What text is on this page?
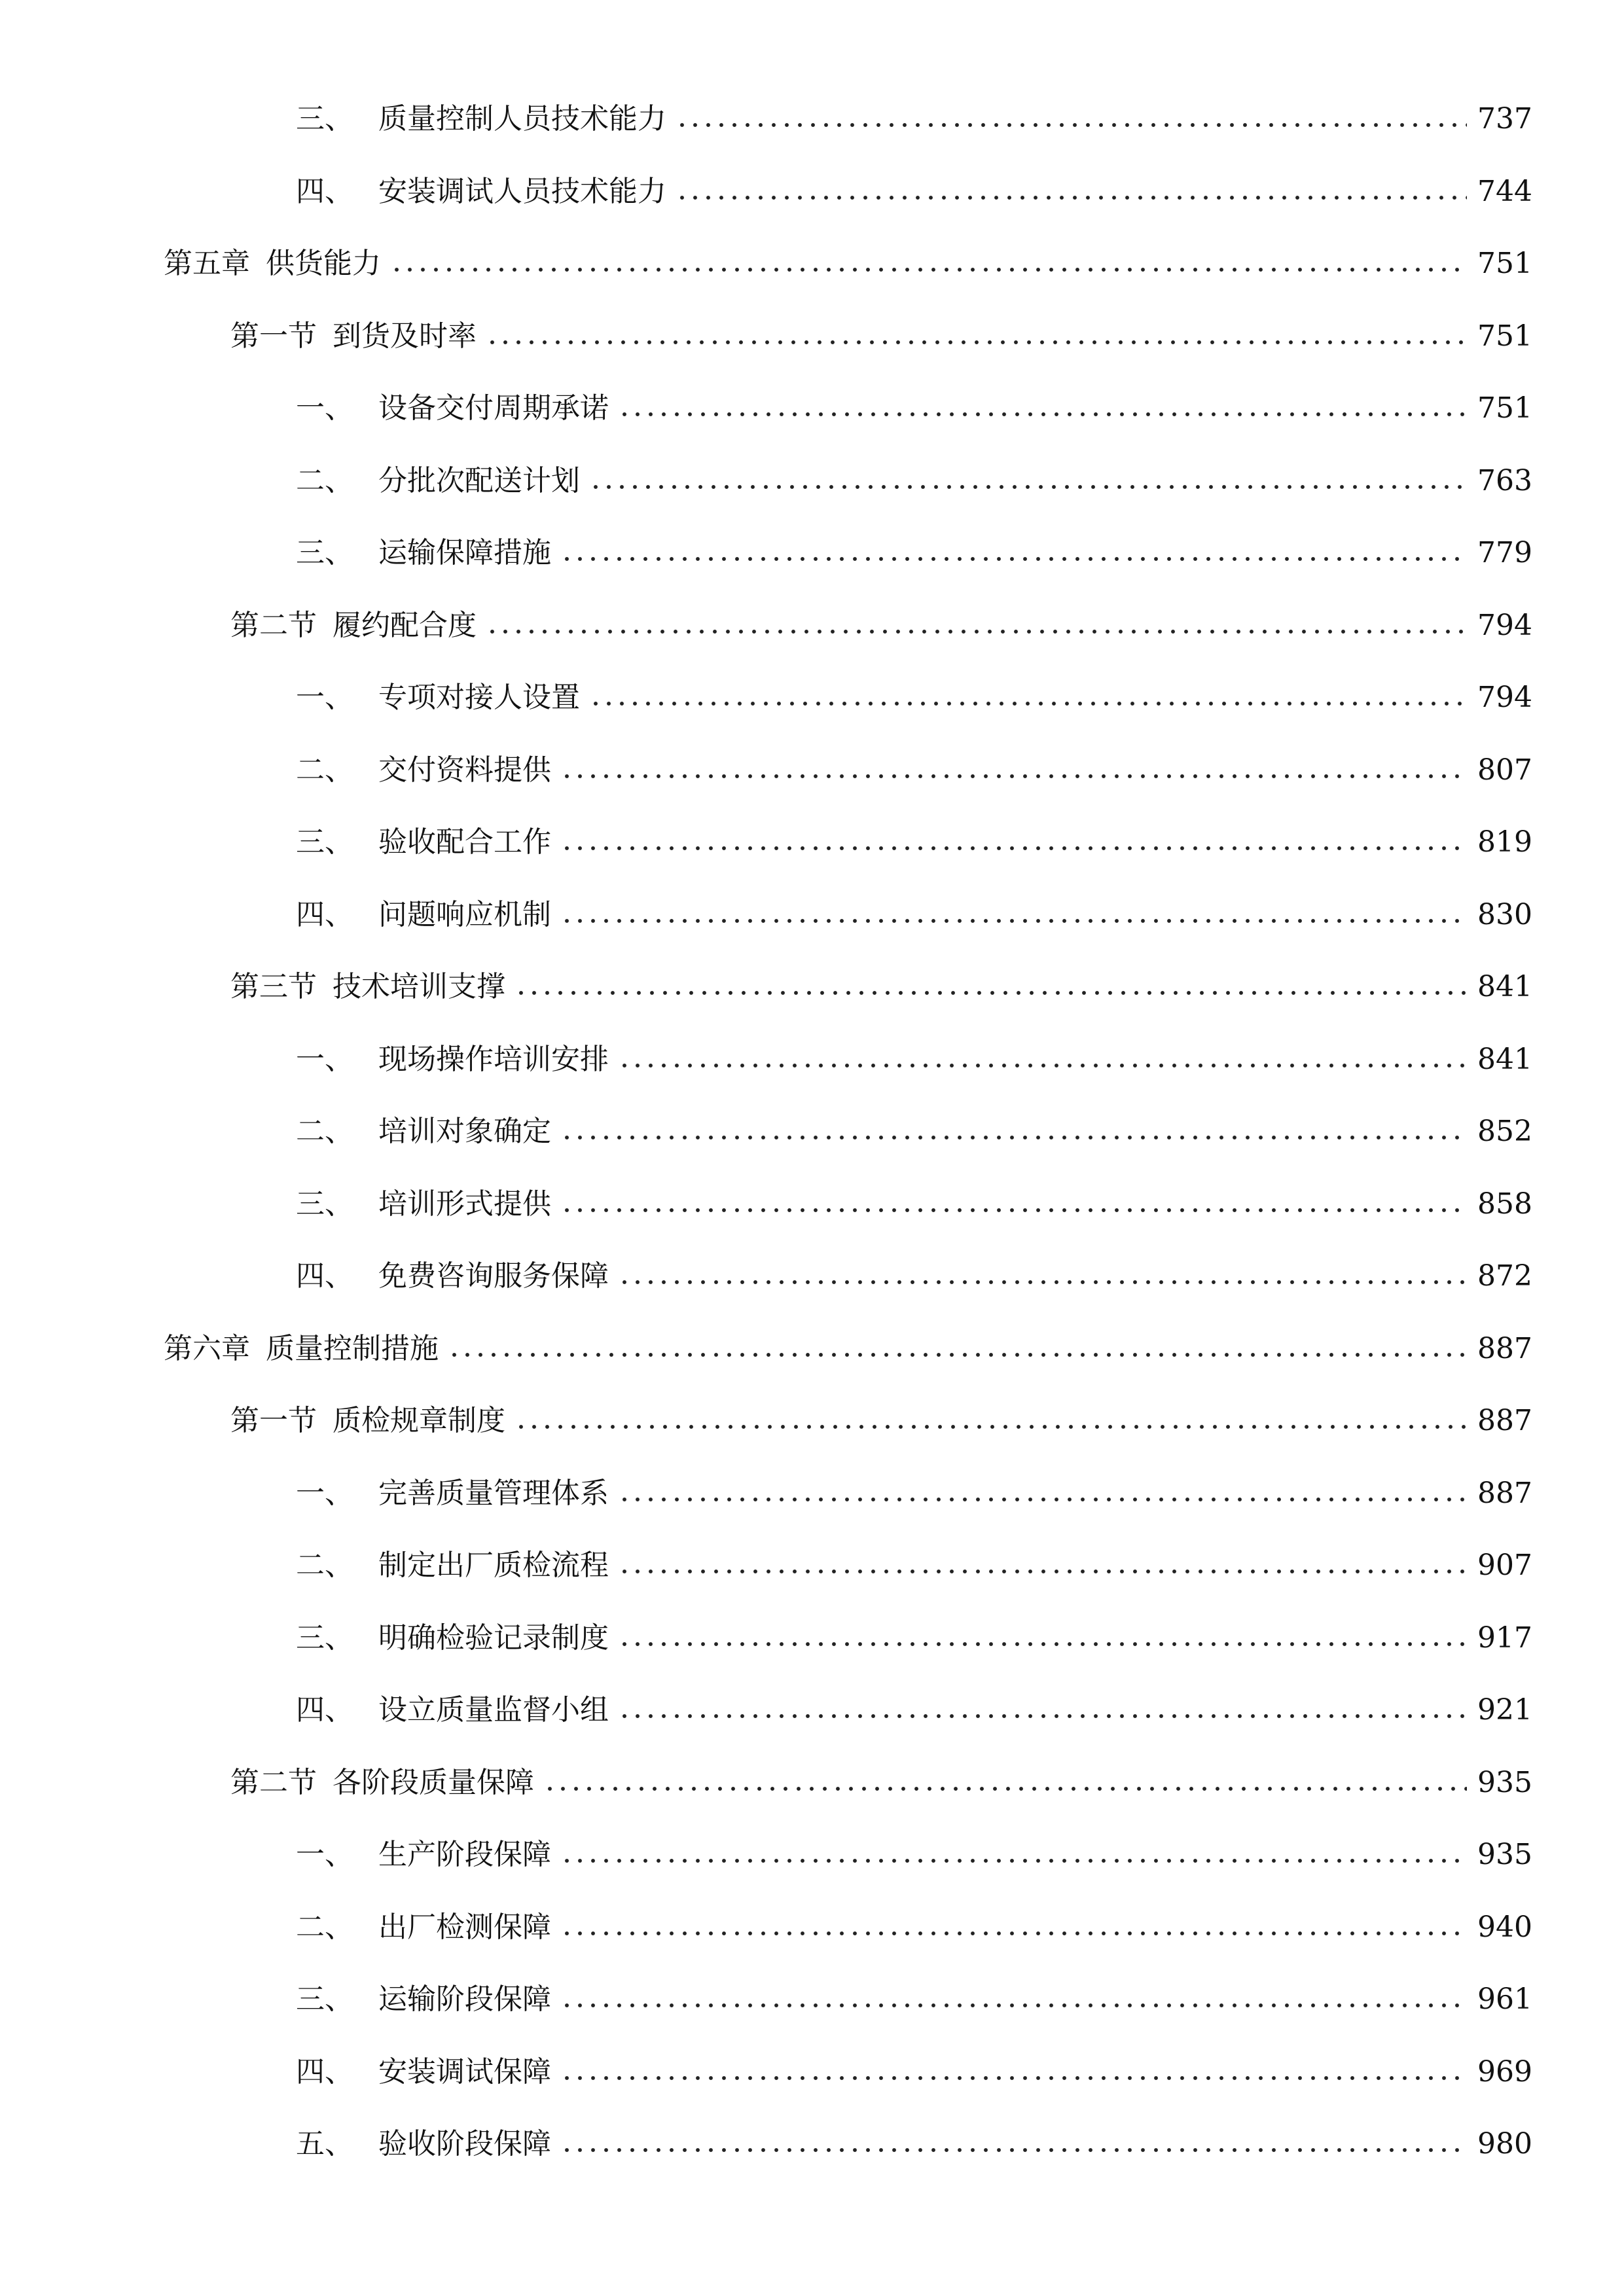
三、 质量控制人员技术能力	737
四、 安装调试人员技术能力	744
第五章 供货能力	751
第一节 到货及时率	751
一、 设备交付周期承诺	751
二、 分批次配送计划	763
三、 运输保障措施	779
第二节 履约配合度	794
一、 专项对接人设置	794
二、 交付资料提供	807
三、 验收配合工作	819
四、 问题响应机制	830
第三节 技术培训支撑	841
一、 现场操作培训安排	841
二、 培训对象确定	852
三、 培训形式提供	858
四、 免费咨询服务保障	872
第六章 质量控制措施	887
第一节 质检规章制度	887
一、 完善质量管理体系	887
二、 制定出厂质检流程	907
三、 明确检验记录制度	917
四、 设立质量监督小组	921
第二节 各阶段质量保障	935
一、 生产阶段保障	935
二、 出厂检测保障	940
三、 运输阶段保障	961
四、 安装调试保障	969
五、 验收阶段保障	980
